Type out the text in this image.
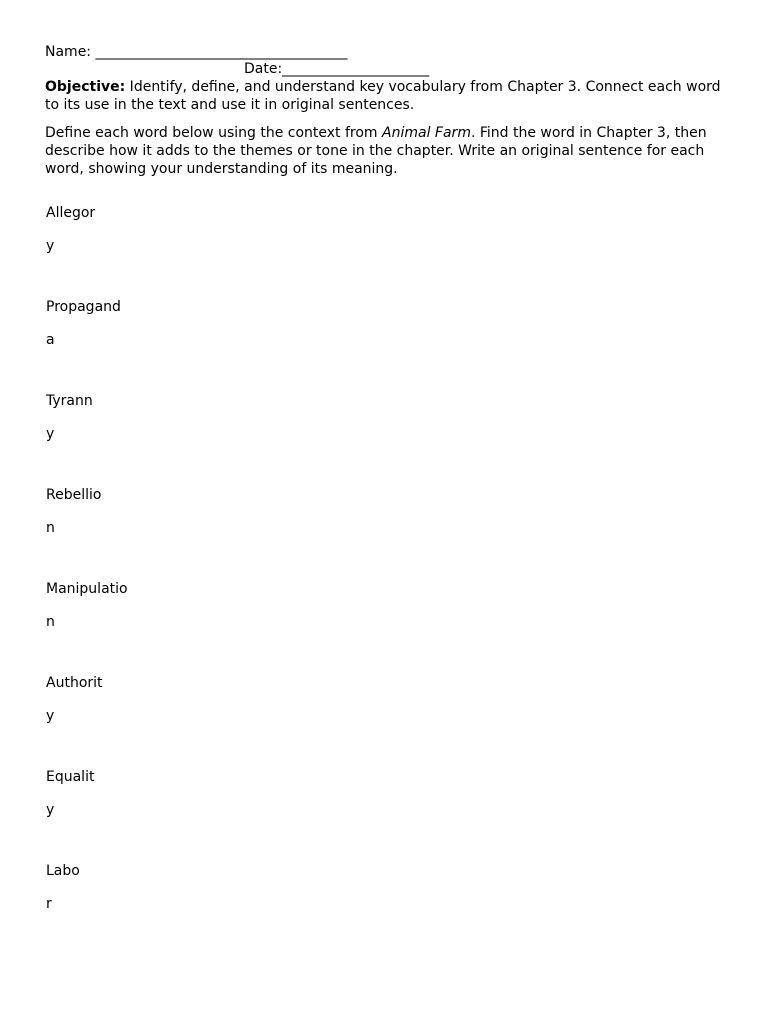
Name: ____________________________________
Date:_____________________
Objective: Identify, define, and understand key vocabulary from Chapter 3. Connect each word to its use in the text and use it in original sentences.
Define each word below using the context from Animal Farm. Find the word in Chapter 3, then describe how it adds to the themes or tone in the chapter. Write an original sentence for each word, showing your understanding of its meaning.
Allegor
y
Propagand
a
Tyrann
y
Rebellio
n
Manipulatio
n
Authorit
y
Equalit
y
Labo
r
